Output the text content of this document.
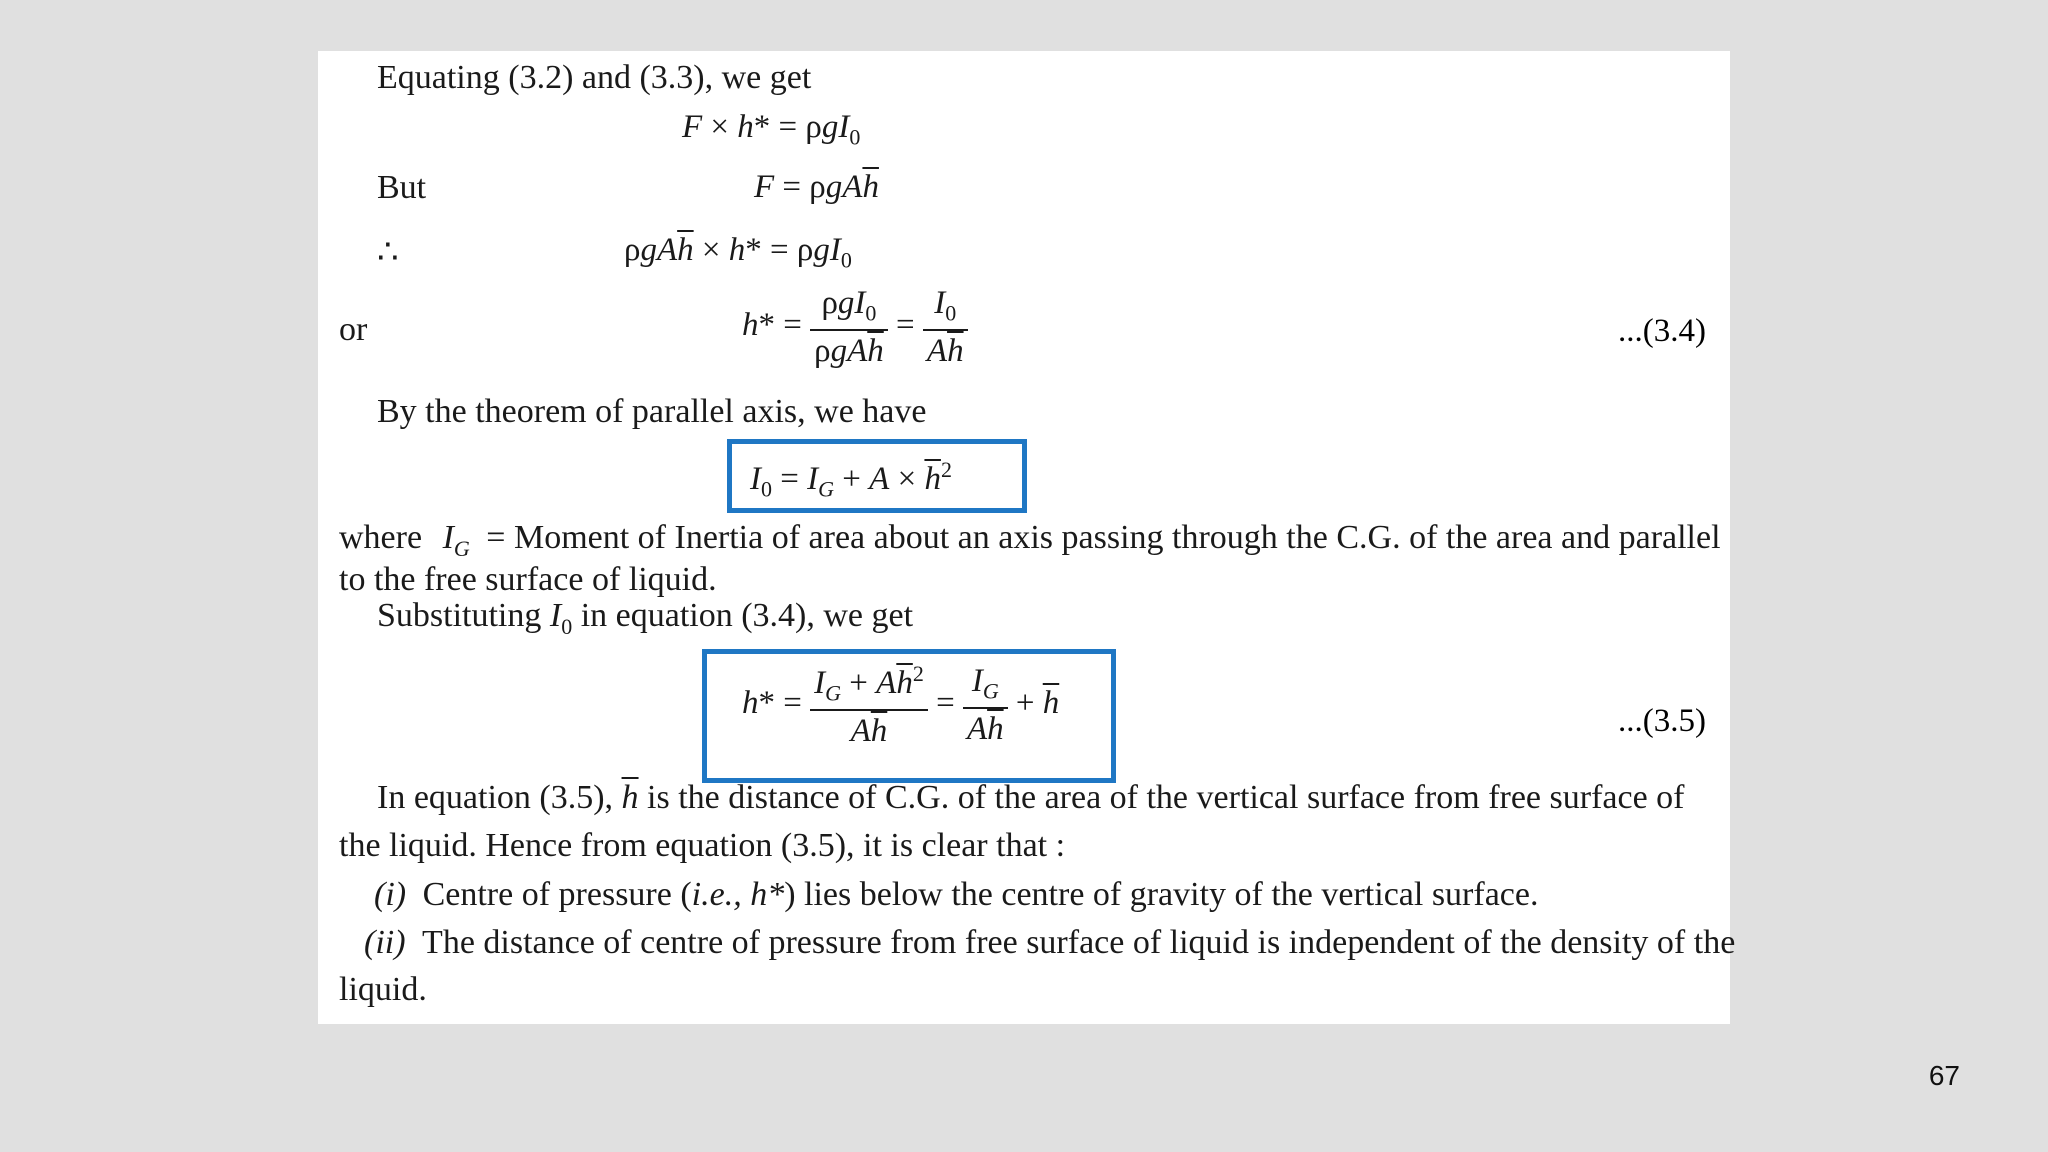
Equating (3.2) and (3.3), we get
F × h* = ρgI$_0$
But	$F = \rho gA\overline{h}$
∴	$\rho gA\overline{h} \times h* = \rho gI_0$
or	$h* = \frac{\rho gI_0}{\rho gA\overline{h}} = \frac{I_0}{A\overline{h}}$	...(3.4)
By the theorem of parallel axis, we have
$I_0 = I_G + A \times \overline{h}^2$
where $I_G$ = Moment of Inertia of area about an axis passing through the C.G. of the area and parallel
to the free surface of liquid.
Substituting $I_0$ in equation (3.4), we get
$h* = \frac{I_G + A\overline{h}^2}{A\overline{h}} = \frac{I_G}{A\overline{h}} + \overline{h}$
...(3.5)
In equation (3.5), $\overline{h}$ is the distance of C.G. of the area of the vertical surface from free surface of
the liquid. Hence from equation (3.5), it is clear that :
(i) Centre of pressure (i.e., h*) lies below the centre of gravity of the vertical surface.
(ii) The distance of centre of pressure from free surface of liquid is independent of the density of the
liquid.
67
